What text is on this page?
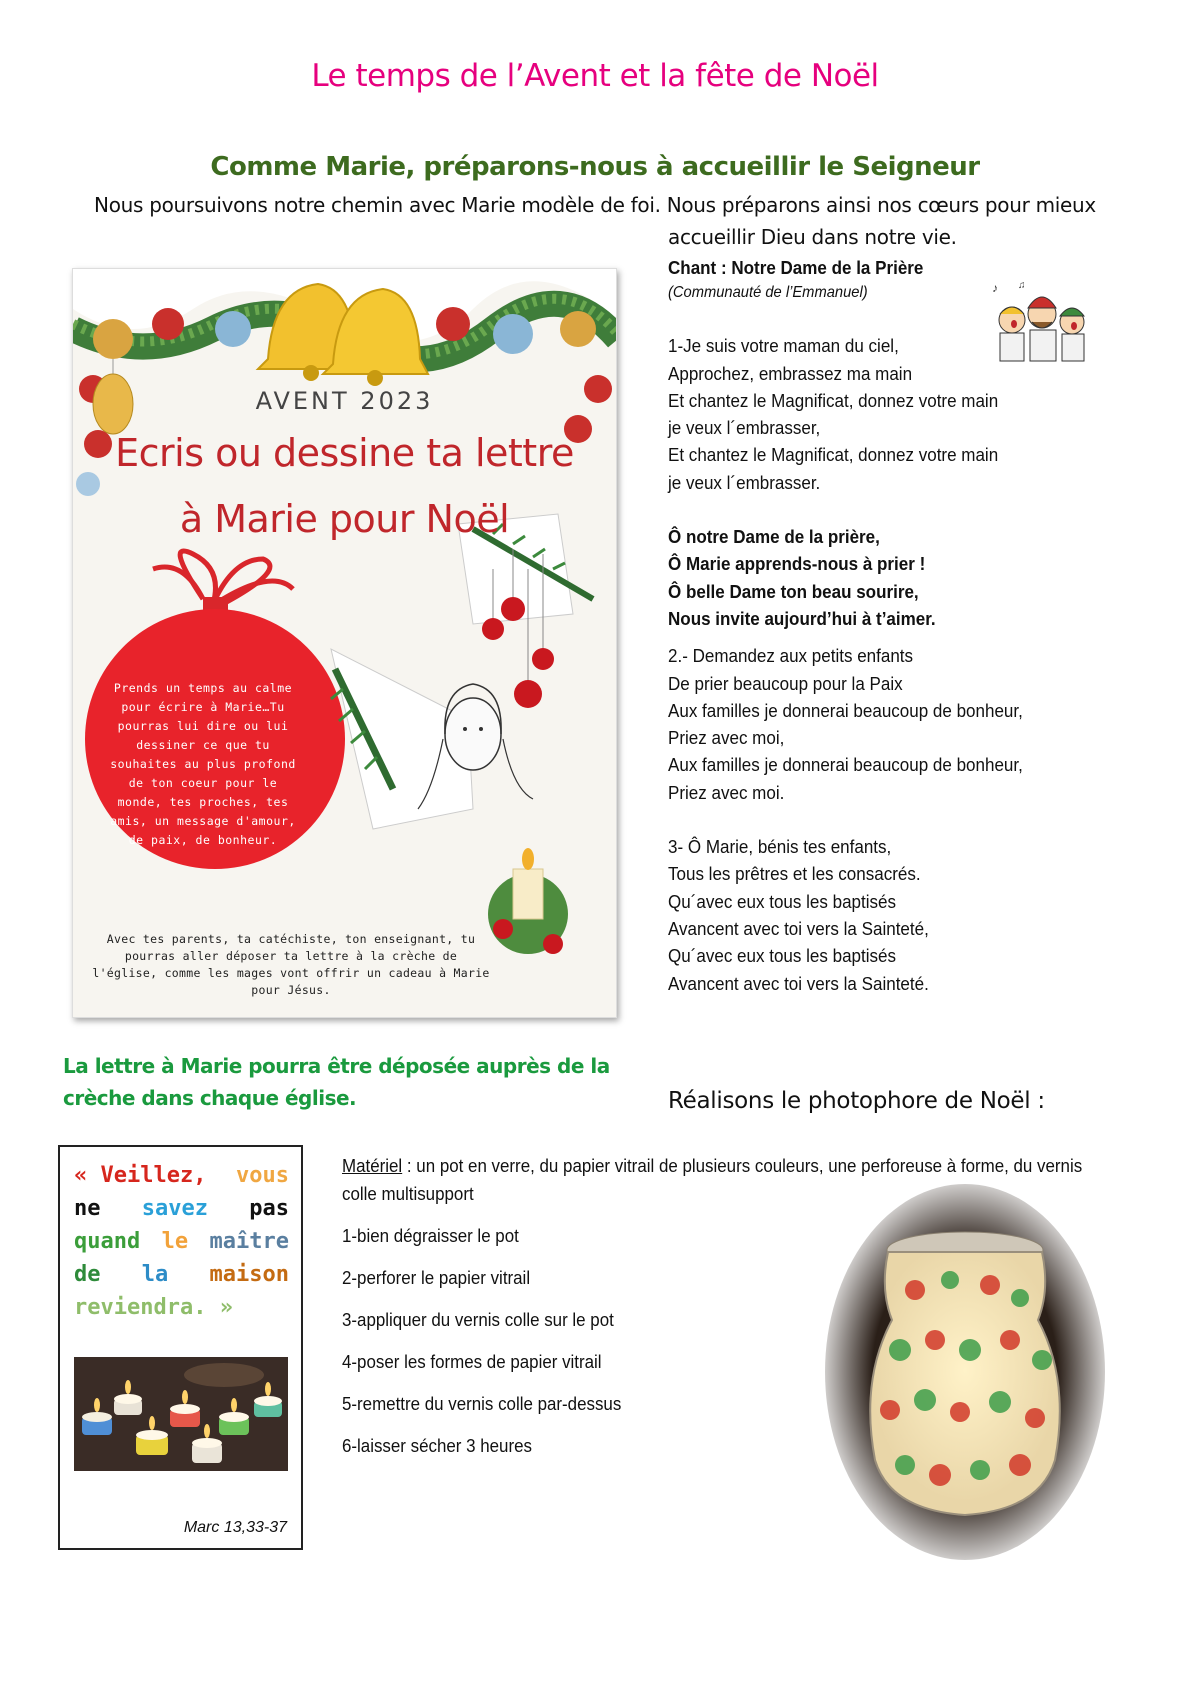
Le temps de l’Avent et la fête de Noël
Comme Marie, préparons-nous à accueillir le Seigneur

Nous poursuivons notre chemin avec Marie modèle de foi. Nous préparons ainsi nos cœurs pour mieux

accueillir Dieu dans notre vie.

AVENT 2023
Ecris ou dessine ta lettre
à Marie pour Noël
Prends un temps au calme pour écrire à Marie…Tu pourras lui dire ou lui dessiner ce que tu souhaites au plus profond de ton coeur pour le monde, tes proches, tes amis, un message d'amour, de paix, de bonheur.
Avec tes parents, ta catéchiste, ton enseignant, tu pourras aller déposer ta lettre à la crèche de l'église, comme les mages vont offrir un cadeau à Marie pour Jésus.
Chant : Notre Dame de la Prière
(Communauté de l’Emmanuel)
1-Je suis votre maman du ciel,
Approchez, embrassez ma main
Et chantez le Magnificat, donnez votre main
je veux l´embrasser,
Et chantez le Magnificat, donnez votre main
je veux l´embrasser.
Ô notre Dame de la prière,
Ô Marie apprends-nous à prier !
Ô belle Dame ton beau sourire,
Nous invite aujourd’hui à t’aimer.
2.- Demandez aux petits enfants
De prier beaucoup pour la Paix
Aux familles je donnerai beaucoup de bonheur,
Priez avec moi,
Aux familles je donnerai beaucoup de bonheur,
Priez avec moi.
3- Ô Marie, bénis tes enfants,
Tous les prêtres et les consacrés.
Qu´avec eux tous les baptisés
Avancent avec toi vers la Sainteté,
Qu´avec eux tous les baptisés
Avancent avec toi vers la Sainteté.
♪ ♫
La lettre à Marie pourra être déposée auprès de la
crèche dans chaque église.	Réalisons le photophore de Noël :
« Veillez, vous
ne savez pas
quand le maître
de la maison
reviendra. »
Marc 13,33-37
Matériel : un pot en verre, du papier vitrail de plusieurs couleurs, une perforeuse à forme, du vernis colle multisupport
1-bien dégraisser le pot
2-perforer le papier vitrail
3-appliquer du vernis colle sur le pot
4-poser les formes de papier vitrail
5-remettre du vernis colle par-dessus
6-laisser sécher 3 heures
